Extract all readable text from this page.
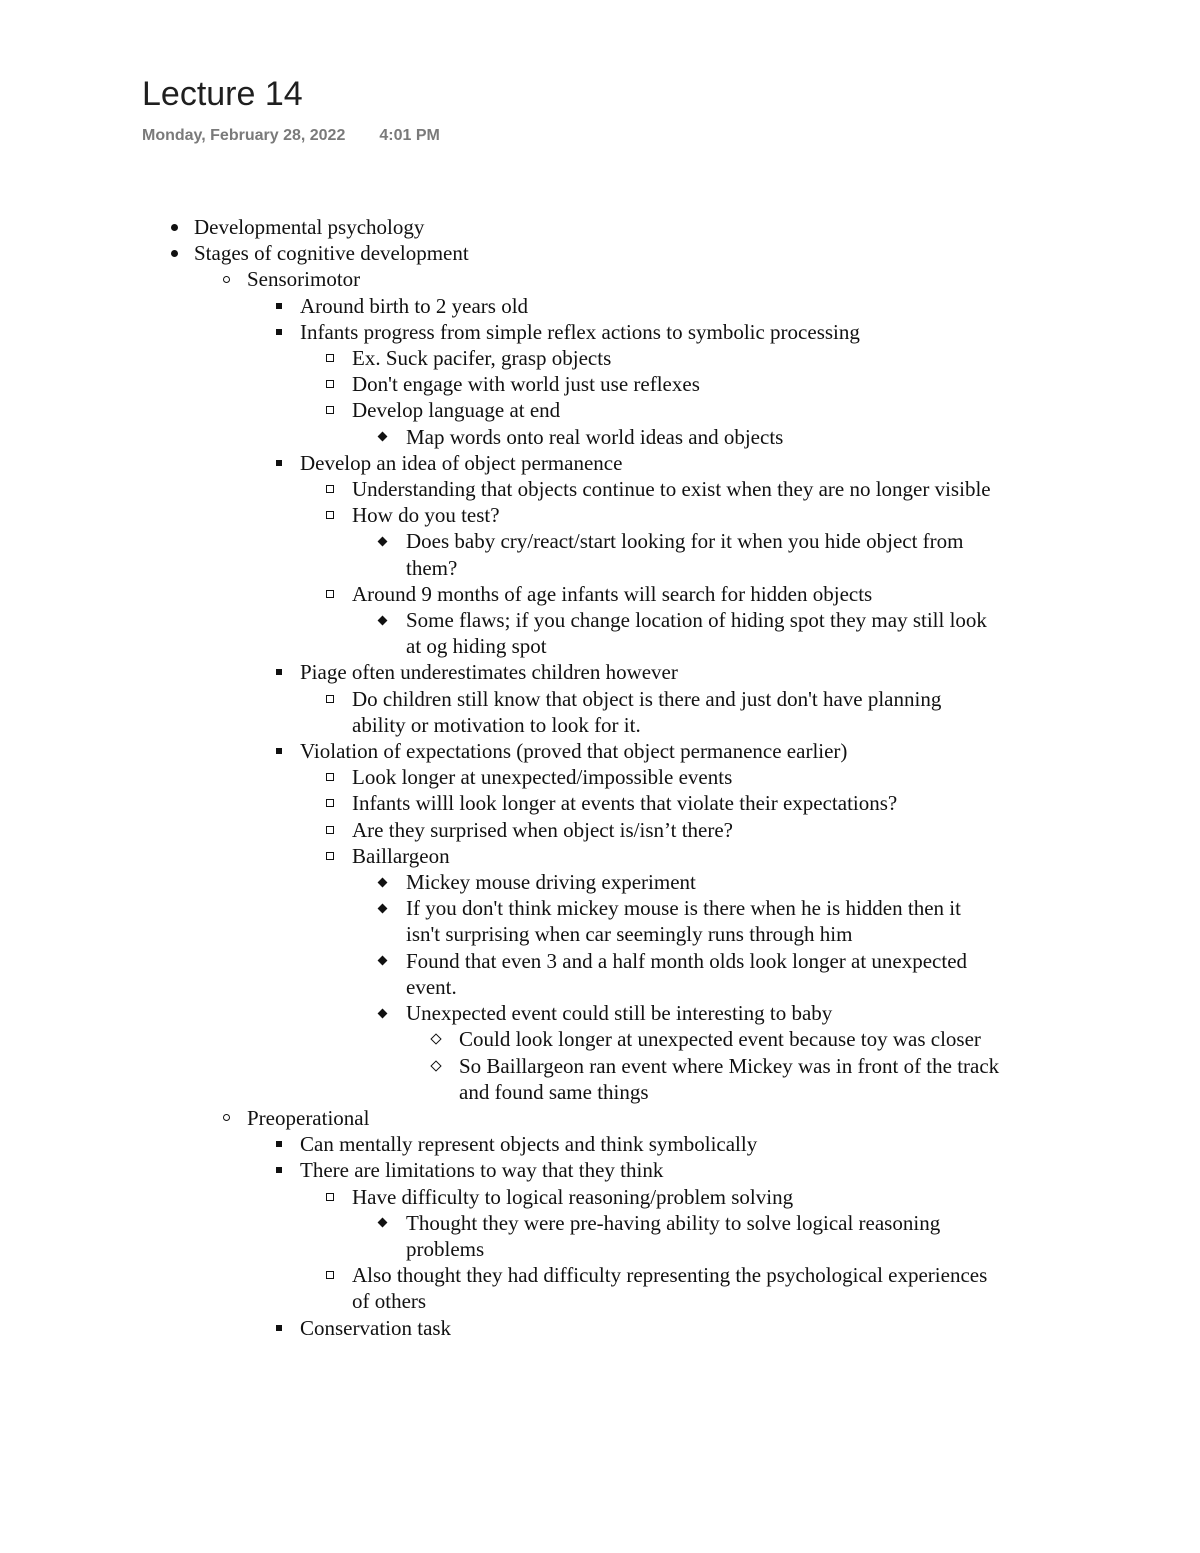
Lecture 14
Monday, February 28, 2022 4:01 PM
Developmental psychology
Stages of cognitive development
Sensorimotor
Around birth to 2 years old
Infants progress from simple reflex actions to symbolic processing
Ex. Suck pacifer, grasp objects
Don't engage with world just use reflexes
Develop language at end
Map words onto real world ideas and objects
Develop an idea of object permanence
Understanding that objects continue to exist when they are no longer visible
How do you test?
Does baby cry/react/start looking for it when you hide object from them?
Around 9 months of age infants will search for hidden objects
Some flaws; if you change location of hiding spot they may still look at og hiding spot
Piage often underestimates children however
Do children still know that object is there and just don't have planning ability or motivation to look for it.
Violation of expectations (proved that object permanence earlier)
Look longer at unexpected/impossible events
Infants willl look longer at events that violate their expectations?
Are they surprised when object is/isn’t there?
Baillargeon
Mickey mouse driving experiment
If you don't think mickey mouse is there when he is hidden then it isn't surprising when car seemingly runs through him
Found that even 3 and a half month olds look longer at unexpected event.
Unexpected event could still be interesting to baby
Could look longer at unexpected event because toy was closer
So Baillargeon ran event where Mickey was in front of the track and found same things
Preoperational
Can mentally represent objects and think symbolically
There are limitations to way that they think
Have difficulty to logical reasoning/problem solving
Thought they were pre-having ability to solve logical reasoning problems
Also thought they had difficulty representing the psychological experiences of others
Conservation task
